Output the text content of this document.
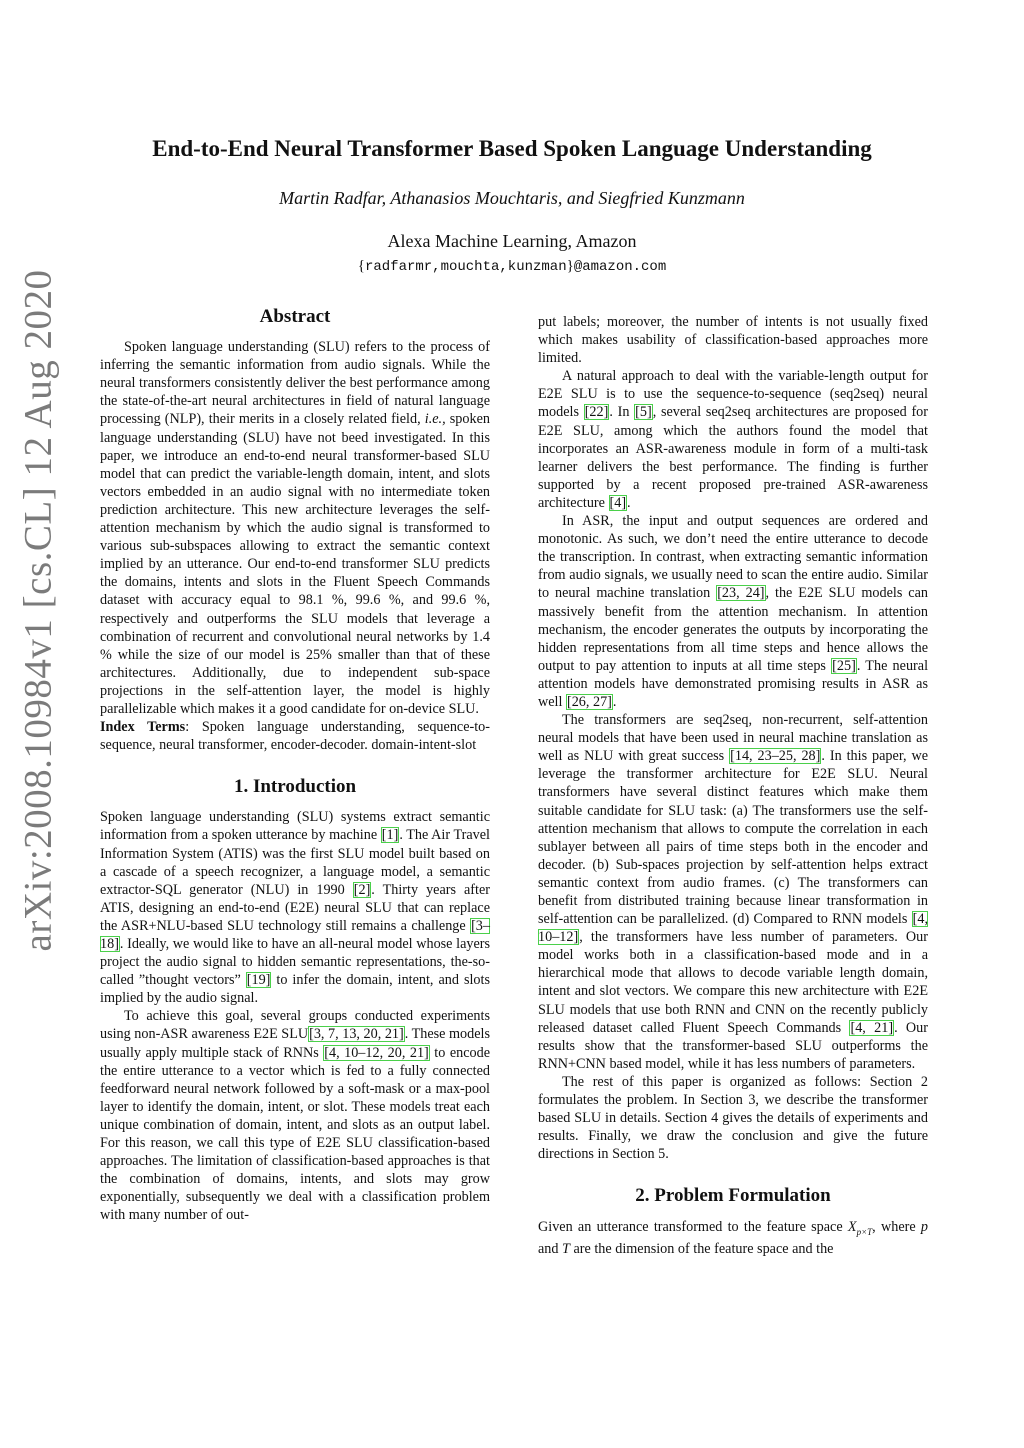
arXiv:2008.10984v1 [cs.CL] 12 Aug 2020
End-to-End Neural Transformer Based Spoken Language Understanding
Martin Radfar, Athanasios Mouchtaris, and Siegfried Kunzmann
Alexa Machine Learning, Amazon
{radfarmr,mouchta,kunzman}@amazon.com
Abstract

Spoken language understanding (SLU) refers to the process of inferring the semantic information from audio signals. While the neural transformers consistently deliver the best performance among the state-of-the-art neural architectures in field of natural language processing (NLP), their merits in a closely related field, i.e., spoken language understanding (SLU) have not beed investigated. In this paper, we introduce an end-to-end neural transformer-based SLU model that can predict the variable-length domain, intent, and slots vectors embedded in an audio signal with no intermediate token prediction architecture. This new architecture leverages the self-attention mechanism by which the audio signal is transformed to various sub-subspaces allowing to extract the semantic context implied by an utterance. Our end-to-end transformer SLU predicts the domains, intents and slots in the Fluent Speech Commands dataset with accuracy equal to 98.1 %, 99.6 %, and 99.6 %, respectively and outperforms the SLU models that leverage a combination of recurrent and convolutional neural networks by 1.4 % while the size of our model is 25% smaller than that of these architectures. Additionally, due to independent sub-space projections in the self-attention layer, the model is highly parallelizable which makes it a good candidate for on-device SLU.

Index Terms: Spoken language understanding, sequence-to-sequence, neural transformer, encoder-decoder. domain-intent-slot

1. Introduction

Spoken language understanding (SLU) systems extract semantic information from a spoken utterance by machine [1]. The Air Travel Information System (ATIS) was the first SLU model built based on a cascade of a speech recognizer, a language model, a semantic extractor-SQL generator (NLU) in 1990 [2]. Thirty years after ATIS, designing an end-to-end (E2E) neural SLU that can replace the ASR+NLU-based SLU technology still remains a challenge [3–18]. Ideally, we would like to have an all-neural model whose layers project the audio signal to hidden semantic representations, the-so-called ”thought vectors” [19] to infer the domain, intent, and slots implied by the audio signal.

To achieve this goal, several groups conducted experiments using non-ASR awareness E2E SLU[3, 7, 13, 20, 21]. These models usually apply multiple stack of RNNs [4, 10–12, 20, 21] to encode the entire utterance to a vector which is fed to a fully connected feedforward neural network followed by a soft-mask or a max-pool layer to identify the domain, intent, or slot. These models treat each unique combination of domain, intent, and slots as an output label. For this reason, we call this type of E2E SLU classification-based approaches. The limitation of classification-based approaches is that the combination of domains, intents, and slots may grow exponentially, subsequently we deal with a classification problem with many number of out-

put labels; moreover, the number of intents is not usually fixed which makes usability of classification-based approaches more limited.

A natural approach to deal with the variable-length output for E2E SLU is to use the sequence-to-sequence (seq2seq) neural models [22]. In [5], several seq2seq architectures are proposed for E2E SLU, among which the authors found the model that incorporates an ASR-awareness module in form of a multi-task learner delivers the best performance. The finding is further supported by a recent proposed pre-trained ASR-awareness architecture [4].

In ASR, the input and output sequences are ordered and monotonic. As such, we don’t need the entire utterance to decode the transcription. In contrast, when extracting semantic information from audio signals, we usually need to scan the entire audio. Similar to neural machine translation [23, 24], the E2E SLU models can massively benefit from the attention mechanism. In attention mechanism, the encoder generates the outputs by incorporating the hidden representations from all time steps and hence allows the output to pay attention to inputs at all time steps [25]. The neural attention models have demonstrated promising results in ASR as well [26, 27].

The transformers are seq2seq, non-recurrent, self-attention neural models that have been used in neural machine translation as well as NLU with great success [14, 23–25, 28]. In this paper, we leverage the transformer architecture for E2E SLU. Neural transformers have several distinct features which make them suitable candidate for SLU task: (a) The transformers use the self-attention mechanism that allows to compute the correlation in each sublayer between all pairs of time steps both in the encoder and decoder. (b) Sub-spaces projection by self-attention helps extract semantic context from audio frames. (c) The transformers can benefit from distributed training because linear transformation in self-attention can be parallelized. (d) Compared to RNN models [4, 10–12], the transformers have less number of parameters. Our model works both in a classification-based mode and in a hierarchical mode that allows to decode variable length domain, intent and slot vectors. We compare this new architecture with E2E SLU models that use both RNN and CNN on the recently publicly released dataset called Fluent Speech Commands [4, 21]. Our results show that the transformer-based SLU outperforms the RNN+CNN based model, while it has less numbers of parameters.

The rest of this paper is organized as follows: Section 2 formulates the problem. In Section 3, we describe the transformer based SLU in details. Section 4 gives the details of experiments and results. Finally, we draw the conclusion and give the future directions in Section 5.

2. Problem Formulation

Given an utterance transformed to the feature space $X_{p\times T}$, where p and T are the dimension of the feature space and the
